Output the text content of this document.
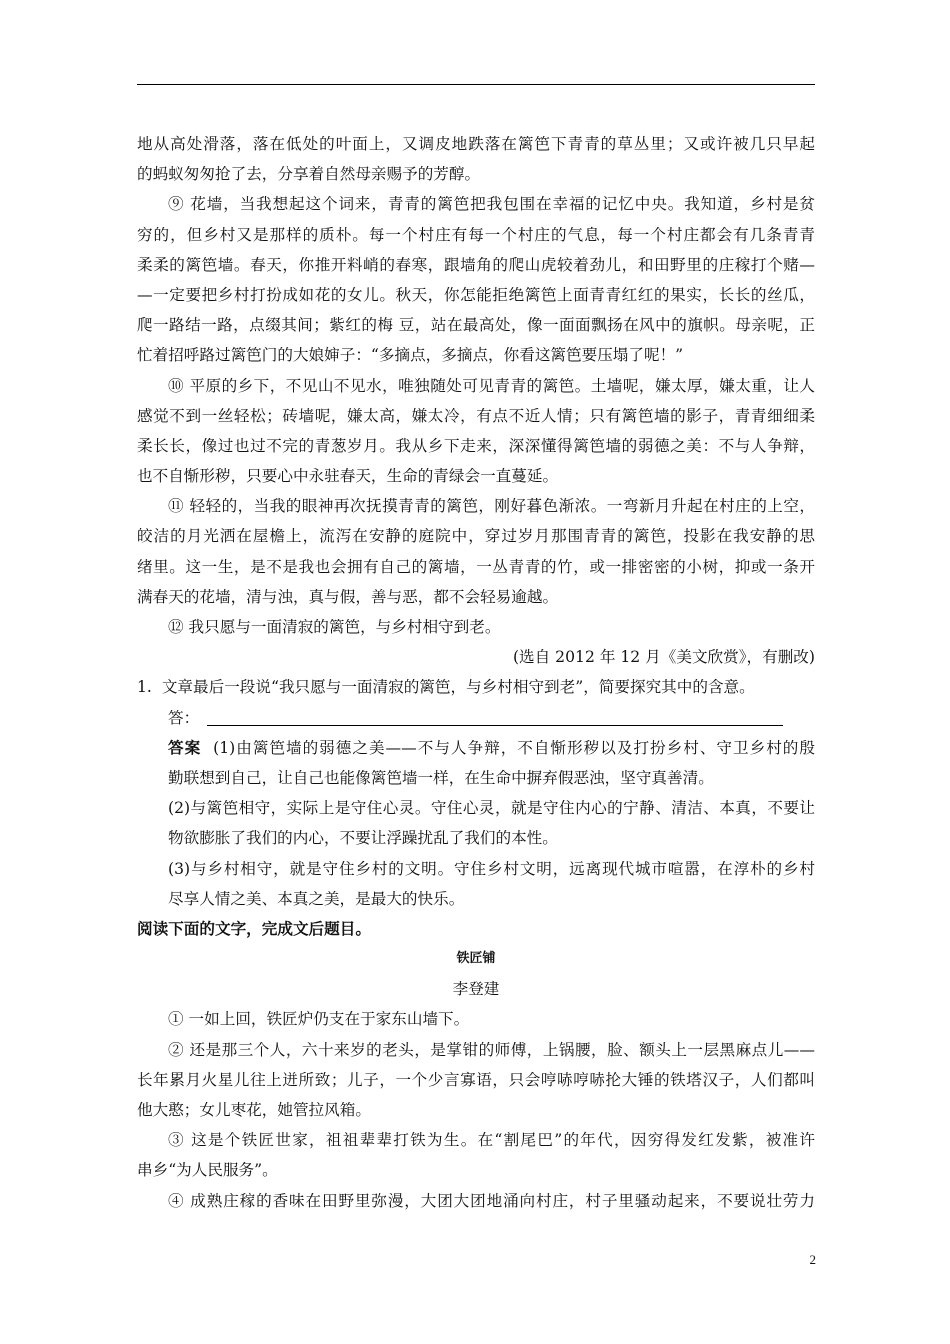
地从高处滑落，落在低处的叶面上，又调皮地跌落在篱笆下青青的草丛里；又或许被几只早起
的蚂蚁匆匆抢了去，分享着自然母亲赐予的芳醇。
⑨ 花墙，当我想起这个词来，青青的篱笆把我包围在幸福的记忆中央。我知道，乡村是贫
穷的，但乡村又是那样的质朴。每一个村庄有每一个村庄的气息，每一个村庄都会有几条青青
柔柔的篱笆墙。春天，你推开料峭的春寒，跟墙角的爬山虎较着劲儿，和田野里的庄稼打个赌—
—一定要把乡村打扮成如花的女儿。秋天，你怎能拒绝篱笆上面青青红红的果实，长长的丝瓜，
爬一路结一路，点缀其间；紫红的梅 豆，站在最高处，像一面面飘扬在风中的旗帜。母亲呢，正
忙着招呼路过篱笆门的大娘婶子：“多摘点，多摘点，你看这篱笆要压塌了呢！”
⑩ 平原的乡下，不见山不见水，唯独随处可见青青的篱笆。土墙呢，嫌太厚，嫌太重，让人
感觉不到一丝轻松；砖墙呢，嫌太高，嫌太冷，有点不近人情；只有篱笆墙的影子，青青细细柔
柔长长，像过也过不完的青葱岁月。我从乡下走来，深深懂得篱笆墙的弱德之美：不与人争辩，
也不自惭形秽，只要心中永驻春天，生命的青绿会一直蔓延。
⑪ 轻轻的，当我的眼神再次抚摸青青的篱笆，刚好暮色渐浓。一弯新月升起在村庄的上空，
皎洁的月光洒在屋檐上，流泻在安静的庭院中，穿过岁月那围青青的篱笆，投影在我安静的思
绪里。这一生，是不是我也会拥有自己的篱墙，一丛青青的竹，或一排密密的小树，抑或一条开
满春天的花墙，清与浊，真与假，善与恶，都不会轻易逾越。
⑫ 我只愿与一面清寂的篱笆，与乡村相守到老。
(选自 2012 年 12 月《美文欣赏》，有删改)
1. 文章最后一段说“我只愿与一面清寂的篱笆，与乡村相守到老”，简要探究其中的含意。
答：
答案 (1)由篱笆墙的弱德之美——不与人争辩，不自惭形秽以及打扮乡村、守卫乡村的殷
勤联想到自己，让自己也能像篱笆墙一样，在生命中摒弃假恶浊，坚守真善清。
(2)与篱笆相守，实际上是守住心灵。守住心灵，就是守住内心的宁静、清洁、本真，不要让
物欲膨胀了我们的内心，不要让浮躁扰乱了我们的本性。
(3)与乡村相守，就是守住乡村的文明。守住乡村文明，远离现代城市喧嚣，在淳朴的乡村
尽享人情之美、本真之美，是最大的快乐。
阅读下面的文字，完成文后题目。
铁匠铺
李登建
① 一如上回，铁匠炉仍支在于家东山墙下。
② 还是那三个人，六十来岁的老头，是掌钳的师傅，上锅腰，脸、额头上一层黑麻点儿——
长年累月火星儿往上迸所致；儿子，一个少言寡语，只会哼哧哼哧抡大锤的铁塔汉子，人们都叫
他大憨；女儿枣花，她管拉风箱。
③ 这是个铁匠世家，祖祖辈辈打铁为生。在“割尾巴”的年代，因穷得发红发紫，被准许
串乡“为人民服务”。
④ 成熟庄稼的香味在田野里弥漫，大团大团地涌向村庄，村子里骚动起来，不要说壮劳力
2
